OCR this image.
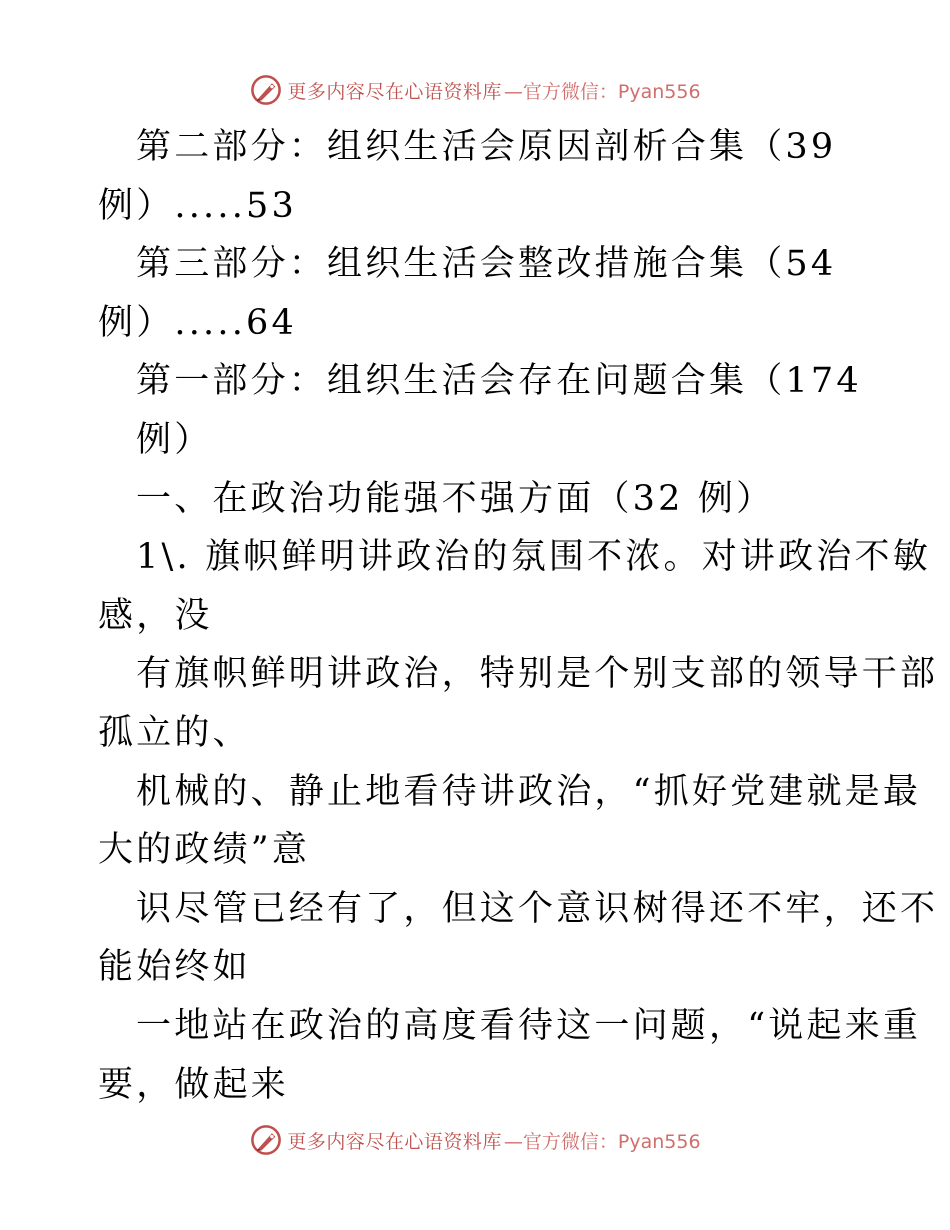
更多内容尽在心语资料库 —官方微信：Pyan556
第二部分：组织生活会原因剖析合集（39
例）.....53
第三部分：组织生活会整改措施合集（54
例）.....64
第一部分：组织生活会存在问题合集（174
例）
一、在政治功能强不强方面（32 例）
1\. 旗帜鲜明讲政治的氛围不浓。对讲政治不敏
感，没
有旗帜鲜明讲政治，特别是个别支部的领导干部
孤立的、
机械的、静止地看待讲政治，“抓好党建就是最
大的政绩”意
识尽管已经有了，但这个意识树得还不牢，还不
能始终如
一地站在政治的高度看待这一问题，“说起来重
要，做起来
更多内容尽在心语资料库 —官方微信：Pyan556
